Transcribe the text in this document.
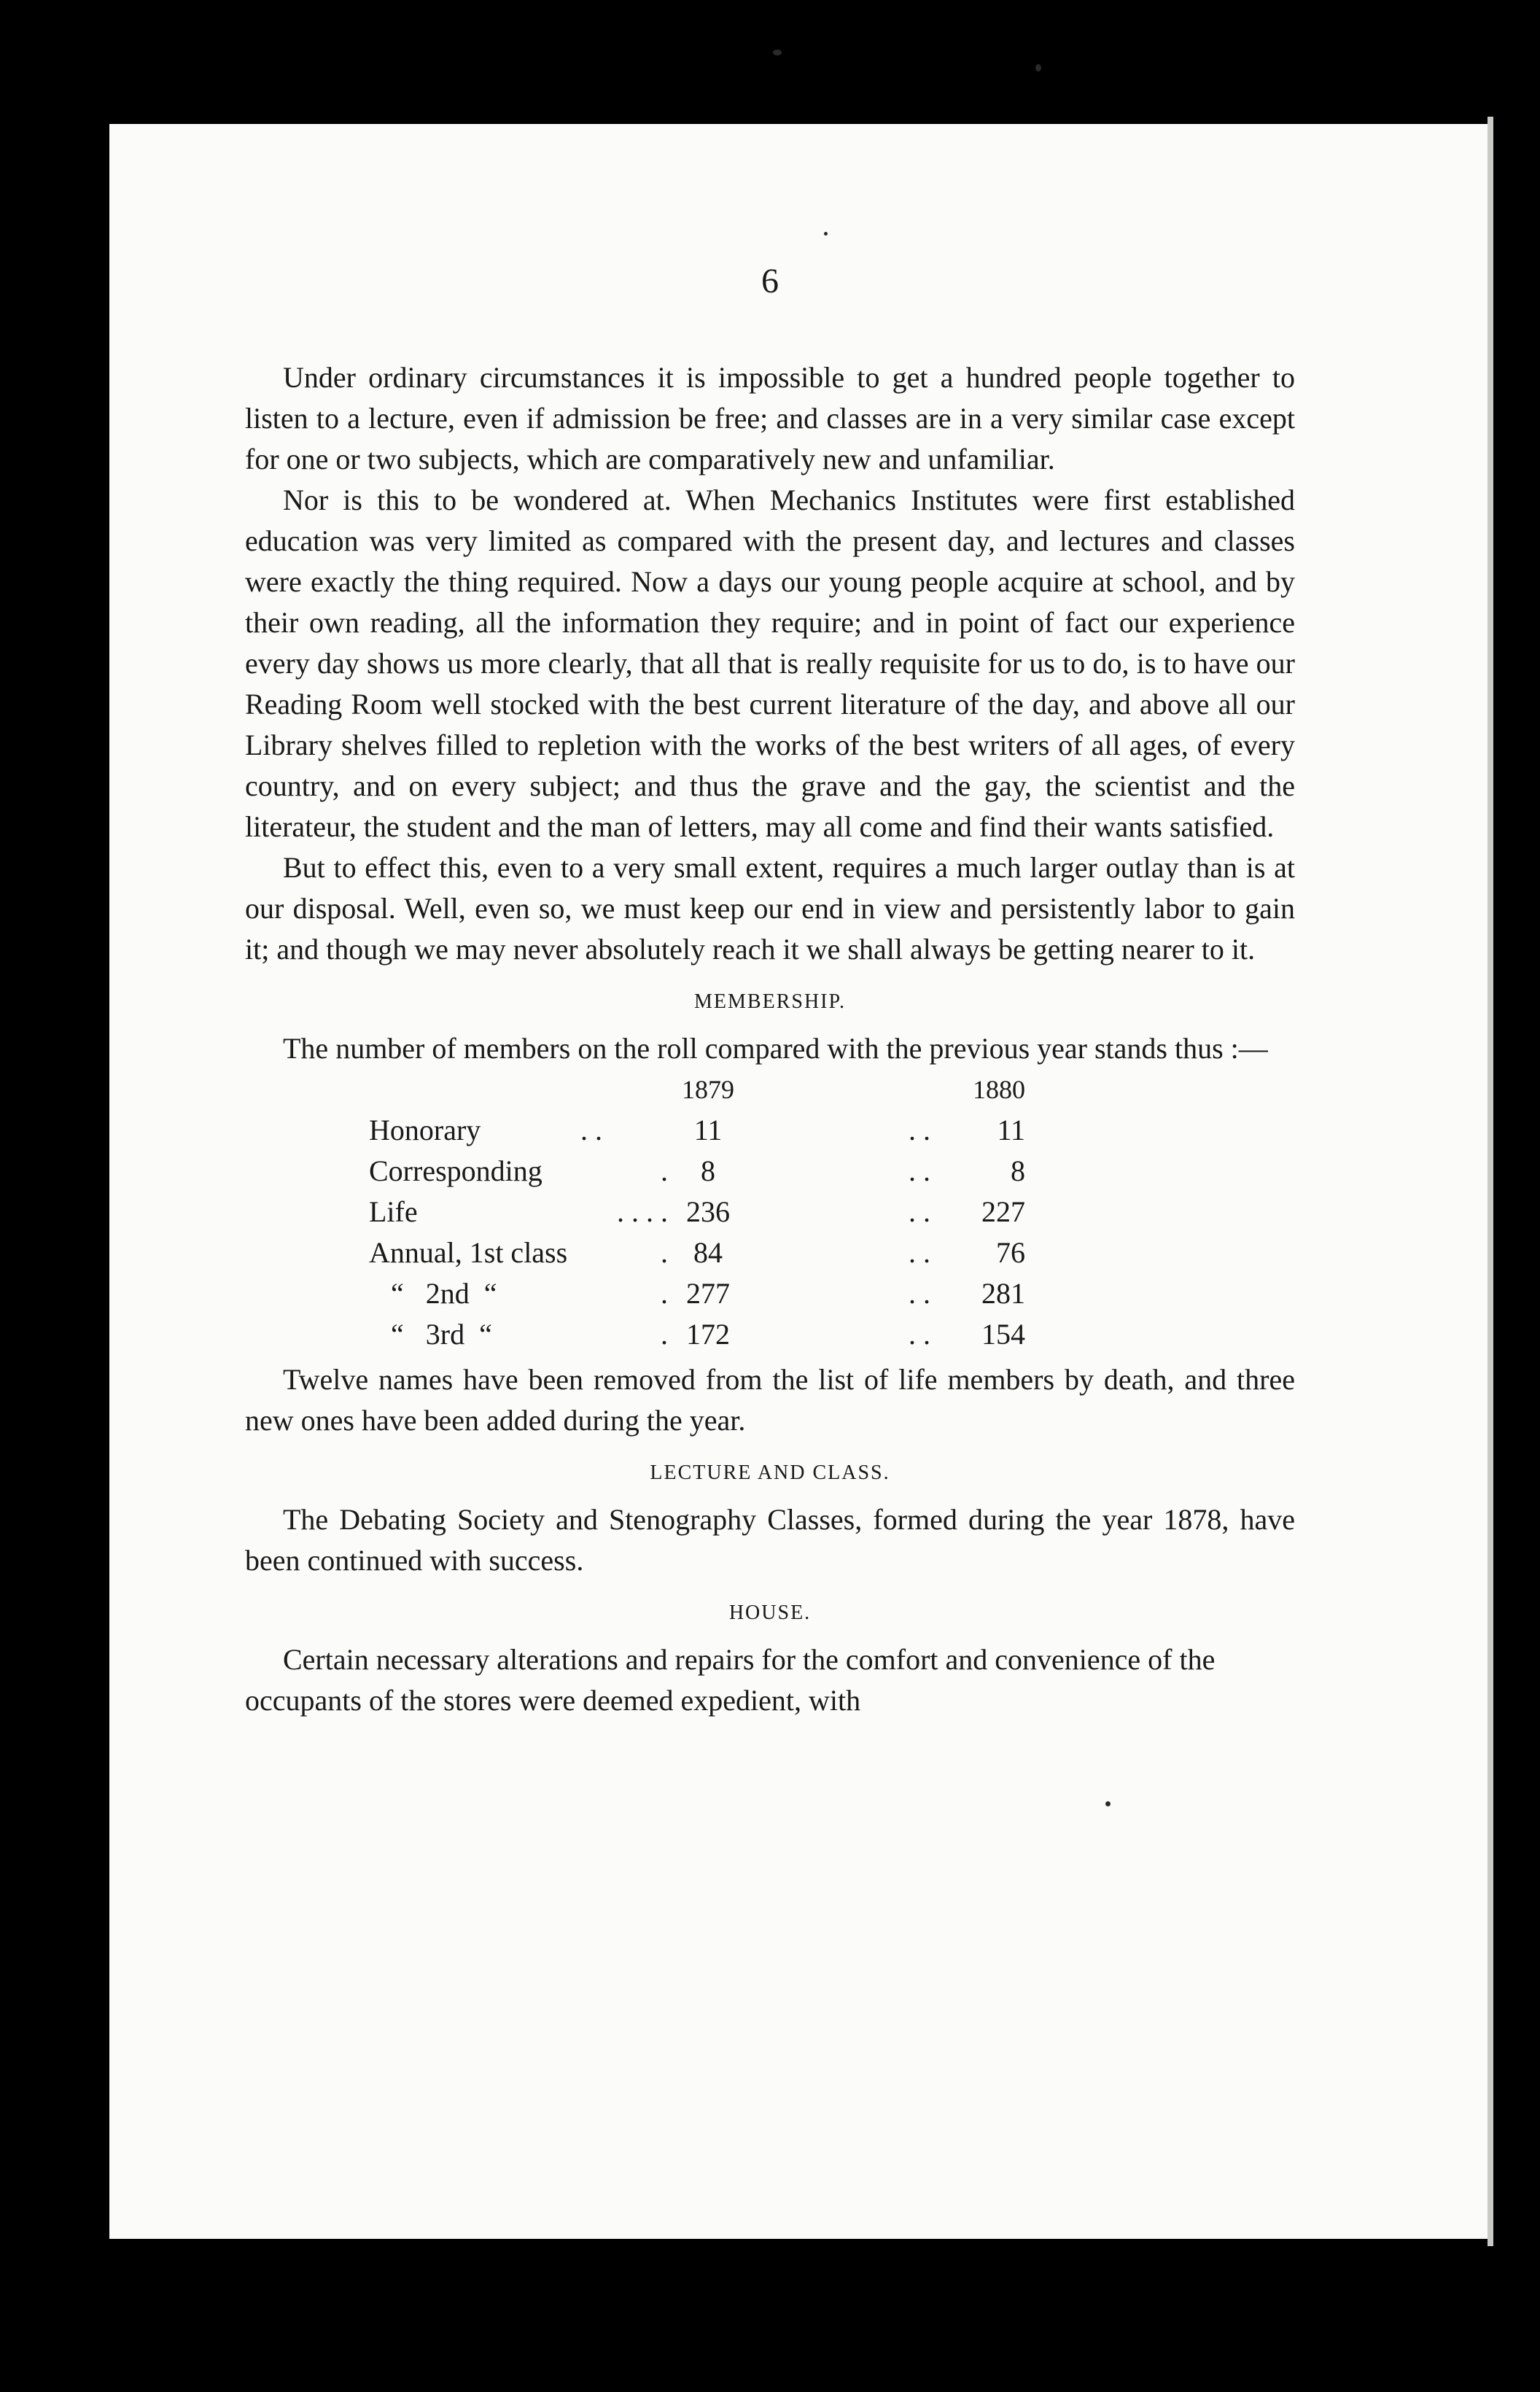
6

Under ordinary circumstances it is impossible to get a hundred people together to listen to a lecture, even if admission be free; and classes are in a very similar case except for one or two subjects, which are comparatively new and unfamiliar.

Nor is this to be wondered at. When Mechanics Institutes were first established education was very limited as compared with the present day, and lectures and classes were exactly the thing required. Now a days our young people acquire at school, and by their own reading, all the information they require; and in point of fact our experience every day shows us more clearly, that all that is really requisite for us to do, is to have our Reading Room well stocked with the best current literature of the day, and above all our Library shelves filled to repletion with the works of the best writers of all ages, of every country, and on every subject; and thus the grave and the gay, the scientist and the literateur, the student and the man of letters, may all come and find their wants satisfied.

But to effect this, even to a very small extent, requires a much larger outlay than is at our disposal. Well, even so, we must keep our end in view and persistently labor to gain it; and though we may never absolutely reach it we shall always be getting nearer to it.

MEMBERSHIP.

The number of members on the roll compared with the previous year stands thus :—

		1879		1880	
Honorary	. .	11	. .	11	
Corresponding	.	8	. .	8	
Life	. . . .	236	. .	227	
Annual, 1st class	.	84	. .	76	
“   2nd  “	.	277	. .	281	
“   3rd  “	.	172	. .	154	

Twelve names have been removed from the list of life members by death, and three new ones have been added during the year.

LECTURE AND CLASS.

The Debating Society and Stenography Classes, formed during the year 1878, have been continued with success.

HOUSE.

Certain necessary alterations and repairs for the comfort and convenience of the occupants of the stores were deemed expedient, with
